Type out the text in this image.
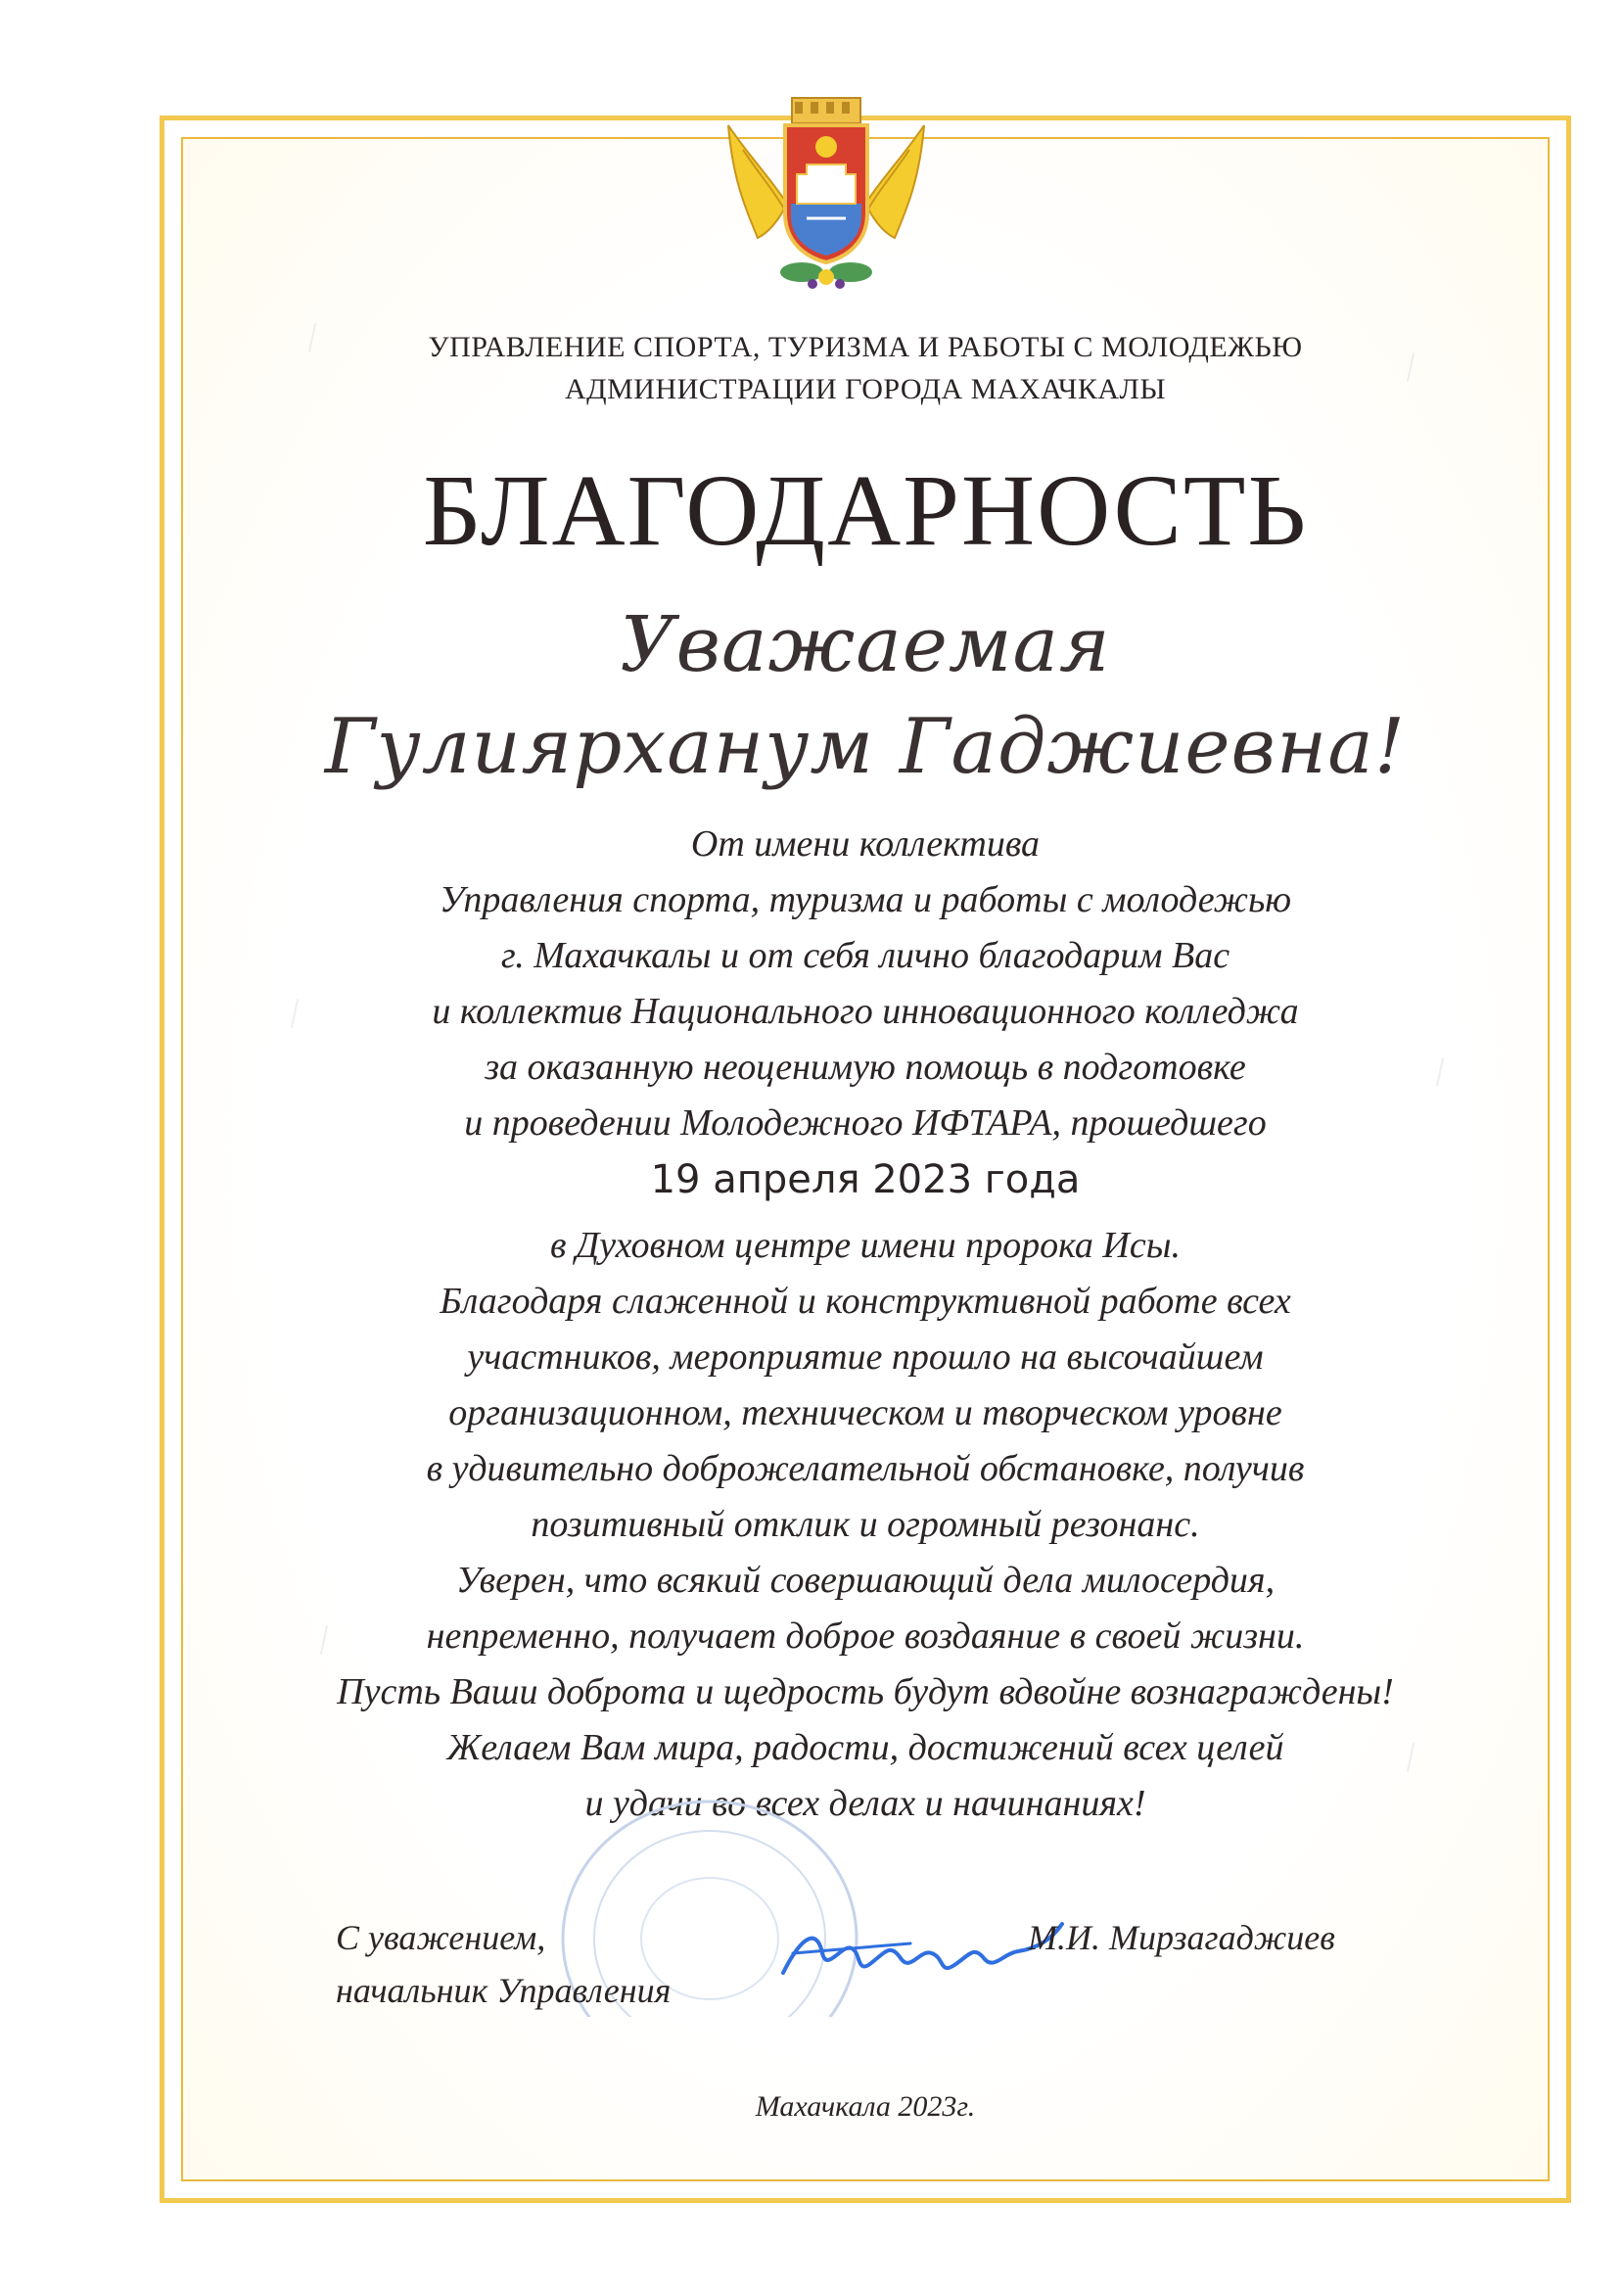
УПРАВЛЕНИЕ СПОРТА, ТУРИЗМА И РАБОТЫ С МОЛОДЕЖЬЮ
АДМИНИСТРАЦИИ ГОРОДА МАХАЧКАЛЫ
БЛАГОДАРНОСТЬ
Уважаемая
Гулиярханум Гаджиевна!
От имени коллектива
Управления спорта, туризма и работы с молодежью
г. Махачкалы и от себя лично благодарим Вас
и коллектив Национального инновационного колледжа
за оказанную неоценимую помощь в подготовке
и проведении Молодежного ИФТАРА, прошедшего
19 апреля 2023 года
в Духовном центре имени пророка Исы.
Благодаря слаженной и конструктивной работе всех
участников, мероприятие прошло на высочайшем
организационном, техническом и творческом уровне
в удивительно доброжелательной обстановке, получив
позитивный отклик и огромный резонанс.
Уверен, что всякий совершающий дела милосердия,
непременно, получает доброе воздаяние в своей жизни.
Пусть Ваши доброта и щедрость будут вдвойне вознаграждены!
Желаем Вам мира, радости, достижений всех целей
и удачи во всех делах и начинаниях!
С уважением,
начальник Управления
М.И. Мирзагаджиев
Махачкала 2023г.
